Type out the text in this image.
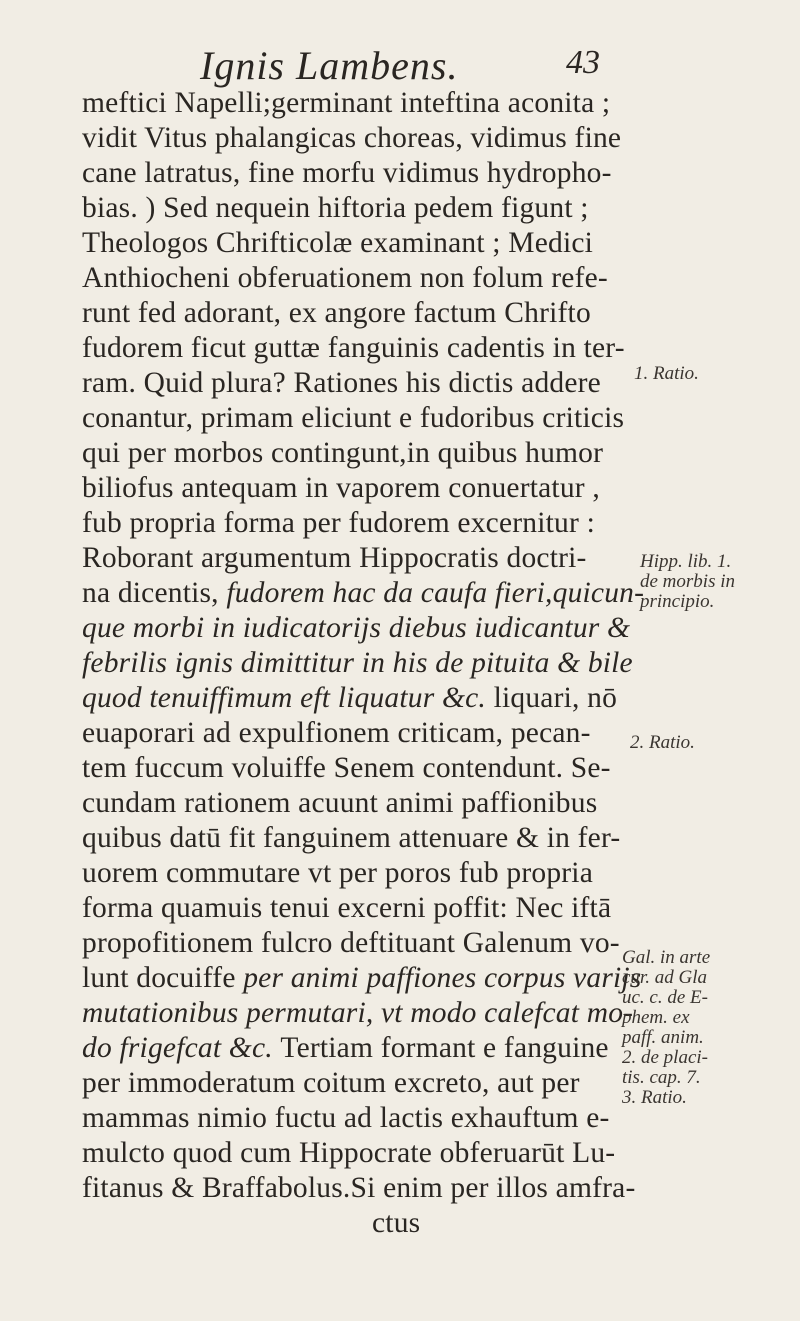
Ignis Lambens.	43
meftici Napelli;germinant inteftina aconita ;
vidit Vitus phalangicas choreas, vidimus fine
cane latratus, fine morfu vidimus hydropho-
bias. ) Sed nequein hiftoria pedem figunt ;
Theologos Chrifticolæ examinant ; Medici
Anthiocheni obferuationem non folum refe-
runt fed adorant, ex angore factum Chrifto
fudorem ficut guttæ fanguinis cadentis in ter-
ram. Quid plura? Rationes his dictis addere
conantur, primam eliciunt e fudoribus criticis
qui per morbos contingunt,in quibus humor
biliofus antequam in vaporem conuertatur ,
fub propria forma per fudorem excernitur :
Roborant argumentum Hippocratis doctri-
na dicentis, fudorem hac da caufa fieri,quicun-
que morbi in iudicatorijs diebus iudicantur &
febrilis ignis dimittitur in his de pituita & bile
quod tenuiffimum eft liquatur &c. liquari, nō
euaporari ad expulfionem criticam, pecan-
tem fuccum voluiffe Senem contendunt. Se-
cundam rationem acuunt animi paffionibus
quibus datū fit fanguinem attenuare & in fer-
uorem commutare vt per poros fub propria
forma quamuis tenui excerni poffit: Nec iftā
propofitionem fulcro deftituant Galenum vo-
lunt docuiffe per animi paffiones corpus varijs
mutationibus permutari, vt modo calefcat mo-
do frigefcat &c. Tertiam formant e fanguine
per immoderatum coitum excreto, aut per
mammas nimio fuctu ad lactis exhauftum e-
mulcto quod cum Hippocrate obferuarūt Lu-
fitanus & Braffabolus.Si enim per illos amfra-
ctus
1. Ratio.
Hipp. lib. 1.
de morbis in
principio.
2. Ratio.
Gal. in arte
cur. ad Gla
uc. c. de E-
phem. ex
paff. anim.
2. de placi-
tis. cap. 7.
3. Ratio.
